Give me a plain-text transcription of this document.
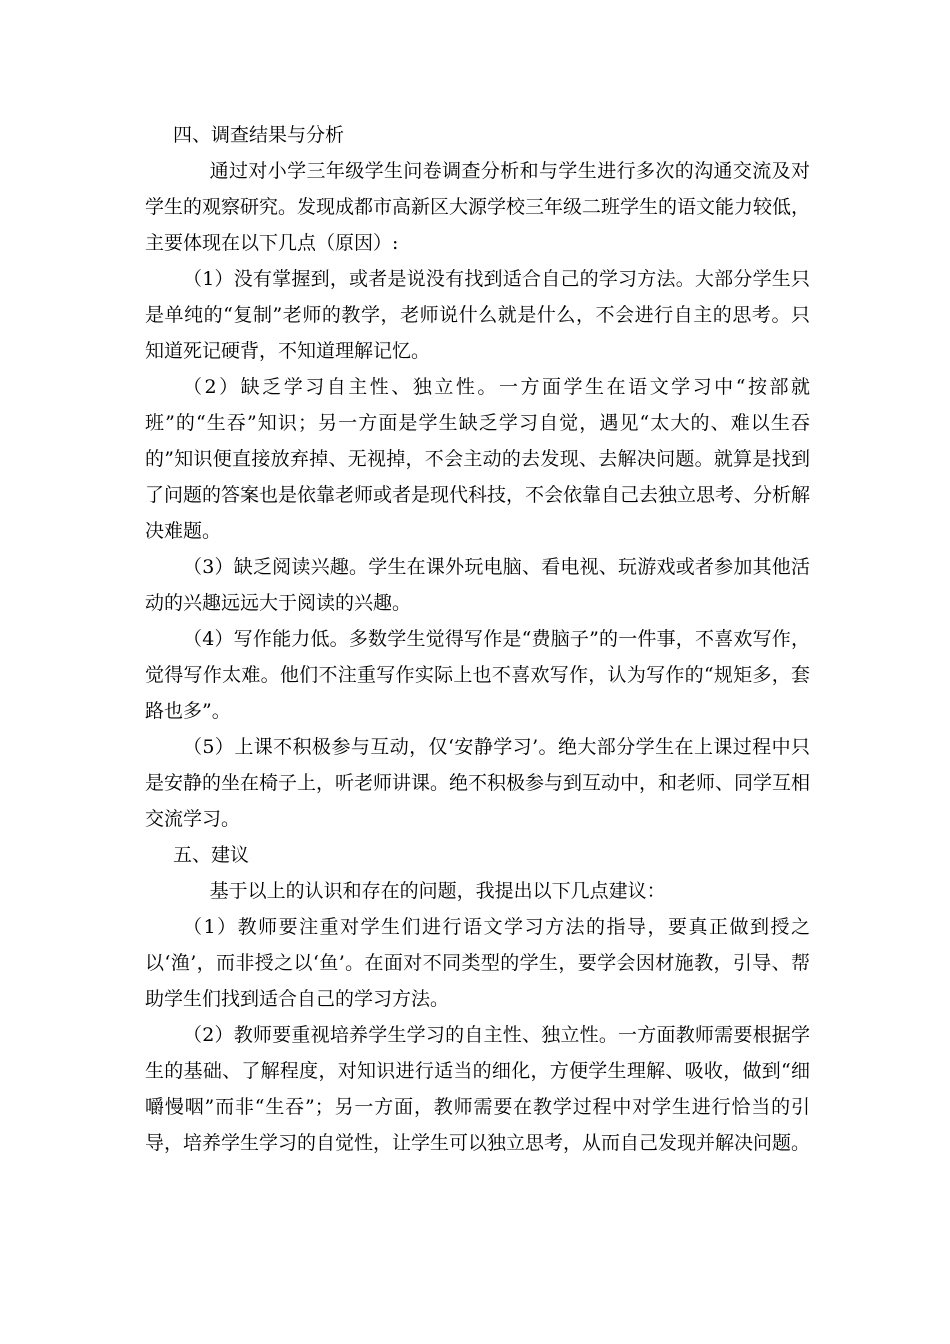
四、调查结果与分析

通过对小学三年级学生问卷调查分析和与学生进行多次的沟通交流及对学生的观察研究。发现成都市高新区大源学校三年级二班学生的语文能力较低，主要体现在以下几点（原因）:

（1）没有掌握到，或者是说没有找到适合自己的学习方法。大部分学生只是单纯的“复制”老师的教学，老师说什么就是什么，不会进行自主的思考。只知道死记硬背，不知道理解记忆。

（2）缺乏学习自主性、独立性。一方面学生在语文学习中“按部就班”的“生吞”知识；另一方面是学生缺乏学习自觉，遇见“太大的、难以生吞的”知识便直接放弃掉、无视掉，不会主动的去发现、去解决问题。就算是找到了问题的答案也是依靠老师或者是现代科技，不会依靠自己去独立思考、分析解决难题。

（3）缺乏阅读兴趣。学生在课外玩电脑、看电视、玩游戏或者参加其他活动的兴趣远远大于阅读的兴趣。

（4）写作能力低。多数学生觉得写作是“费脑子”的一件事，不喜欢写作，觉得写作太难。他们不注重写作实际上也不喜欢写作，认为写作的“规矩多，套路也多”。

（5）上课不积极参与互动，仅‘安静学习’。绝大部分学生在上课过程中只是安静的坐在椅子上，听老师讲课。绝不积极参与到互动中，和老师、同学互相交流学习。

五、建议

基于以上的认识和存在的问题，我提出以下几点建议：

（1）教师要注重对学生们进行语文学习方法的指导，要真正做到授之以‘渔’，而非授之以‘鱼’。在面对不同类型的学生，要学会因材施教，引导、帮助学生们找到适合自己的学习方法。

（2）教师要重视培养学生学习的自主性、独立性。一方面教师需要根据学生的基础、了解程度，对知识进行适当的细化，方便学生理解、吸收，做到“细嚼慢咽”而非“生吞”；另一方面，教师需要在教学过程中对学生进行恰当的引导，培养学生学习的自觉性，让学生可以独立思考，从而自己发现并解决问题。
